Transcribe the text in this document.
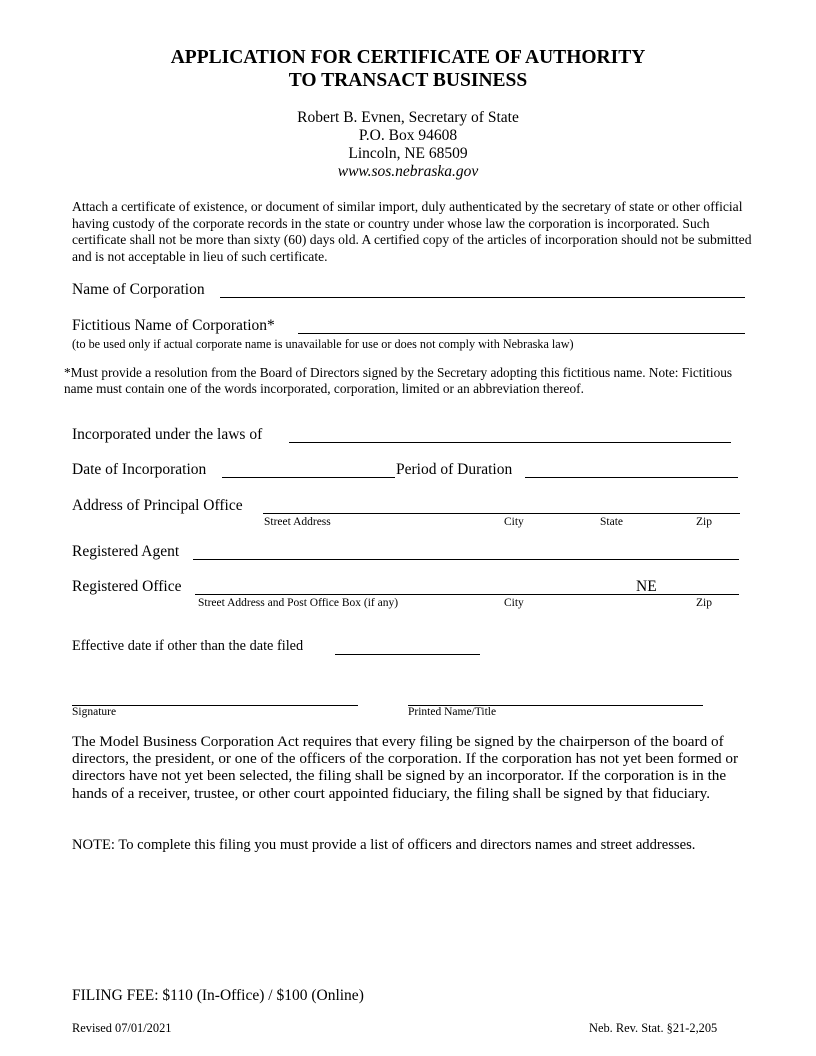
APPLICATION FOR CERTIFICATE OF AUTHORITY
TO TRANSACT BUSINESS
Robert B. Evnen, Secretary of State
P.O. Box 94608
Lincoln, NE 68509
www.sos.nebraska.gov
Attach a certificate of existence, or document of similar import, duly authenticated by the secretary of state or other official having custody of the corporate records in the state or country under whose law the corporation is incorporated. Such certificate shall not be more than sixty (60) days old. A certified copy of the articles of incorporation should not be submitted and is not acceptable in lieu of such certificate.
Name of Corporation
Fictitious Name of Corporation*
(to be used only if actual corporate name is unavailable for use or does not comply with Nebraska law)
*Must provide a resolution from the Board of Directors signed by the Secretary adopting this fictitious name. Note: Fictitious name must contain one of the words incorporated, corporation, limited or an abbreviation thereof.
Incorporated under the laws of
Date of Incorporation	Period of Duration
Address of Principal Office
Street Address	City	State	Zip
Registered Agent
Registered Office	NE
Street Address and Post Office Box (if any)	City	Zip
Effective date if other than the date filed
Signature	Printed Name/Title
The Model Business Corporation Act requires that every filing be signed by the chairperson of the board of directors, the president, or one of the officers of the corporation. If the corporation has not yet been formed or directors have not yet been selected, the filing shall be signed by an incorporator. If the corporation is in the hands of a receiver, trustee, or other court appointed fiduciary, the filing shall be signed by that fiduciary.
NOTE: To complete this filing you must provide a list of officers and directors names and street addresses.
FILING FEE: $110 (In-Office) / $100 (Online)
Revised 07/01/2021	Neb. Rev. Stat. §21-2,205
